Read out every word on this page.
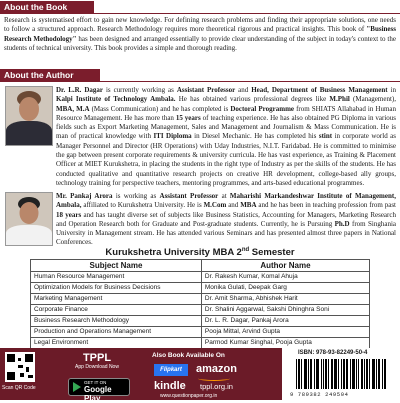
About the Book
Research is systematised effort to gain new knowledge. For defining research problems and finding their appropriate solutions, one needs to follow a structured approach. Research Methodology requires more theoretical rigorous and practical insights. This book of "Business Research Methodology" has been designed and arranged essentially to provide clear understanding of the subject in today's context to the students of technical university. This book provides a simple and thorough reading.
About the Author
Dr. L.R. Dagar is currently working as Assistant Professor and Head, Department of Business Management in Kalpi Institute of Technology Ambala. He has obtained various professional degrees like M.Phil (Management), MBA, M.A (Mass Communication) and he has completed is Doctoral Programme from SHIATS Allahabad in Human Resource Management. He has more than 15 years of teaching experience. He has also obtained PG Diploma in various fields such as Export Marketing Management, Sales and Management and Journalism & Mass Communication. He is man of practical knowledge with ITI Diploma in Diesel Mechanic. He has completed his stint in corporate world as Manager Personnel and Director (HR Operations) with Uday Industries, N.I.T. Faridabad. He is committed to minimise the gap between present corporate requirements & university curricula. He has vast experience, as Training & Placement Officer at MIET Kurukshetra, in placing the students in the right type of Industry as per the skills of the students. He has conducted qualitative and quantitative research projects on creative HR development, college-based ally groups, technology training for perspective teachers, mentoring programmes, and arts-based educational programmes.
Mr. Pankaj Arora is working as Assistant Professor at Maharishi Markandeshwar Institute of Management, Ambala, affiliated to Kurukshetra University. He is M.Com and MBA and he has been in teaching profession from past 18 years and has taught diverse set of subjects like Business Statistics, Accounting for Managers, Marketing Research and Operation Research both for Graduate and Post-graduate students. Currently, he is Pursuing Ph.D from Singhania University in Management stream. He has attended various Seminars and has presented almost three papers in National Conferences.
Kurukshetra University MBA 2nd Semester
Subject Name	Author Name
Human Resource Management	Dr. Rakesh Kumar, Komal Ahuja
Optimization Models for Business Decisions	Monika Gulati, Deepak Garg
Marketing Management	Dr. Amit Sharma, Abhishek Harit
Corporate Finance	Dr. Shalini Aggarwal, Sakshi Dhinghra Soni
Business Research Methodology	Dr. L. R. Dagar, Pankaj Arora
Production and Operations Management	Pooja Mittal, Arvind Gupta
Legal Environment	Parmod Kumar Singhal, Pooja Gupta
Scan QR Code
TPPL
App Download Now
GET IT ON
Google Play
Also Book Available On
Flipkart	amazon
kindle tppl.org.in
www.questionpaper.org.in
ISBN: 978-93-82249-50-4
9 789382 249504
